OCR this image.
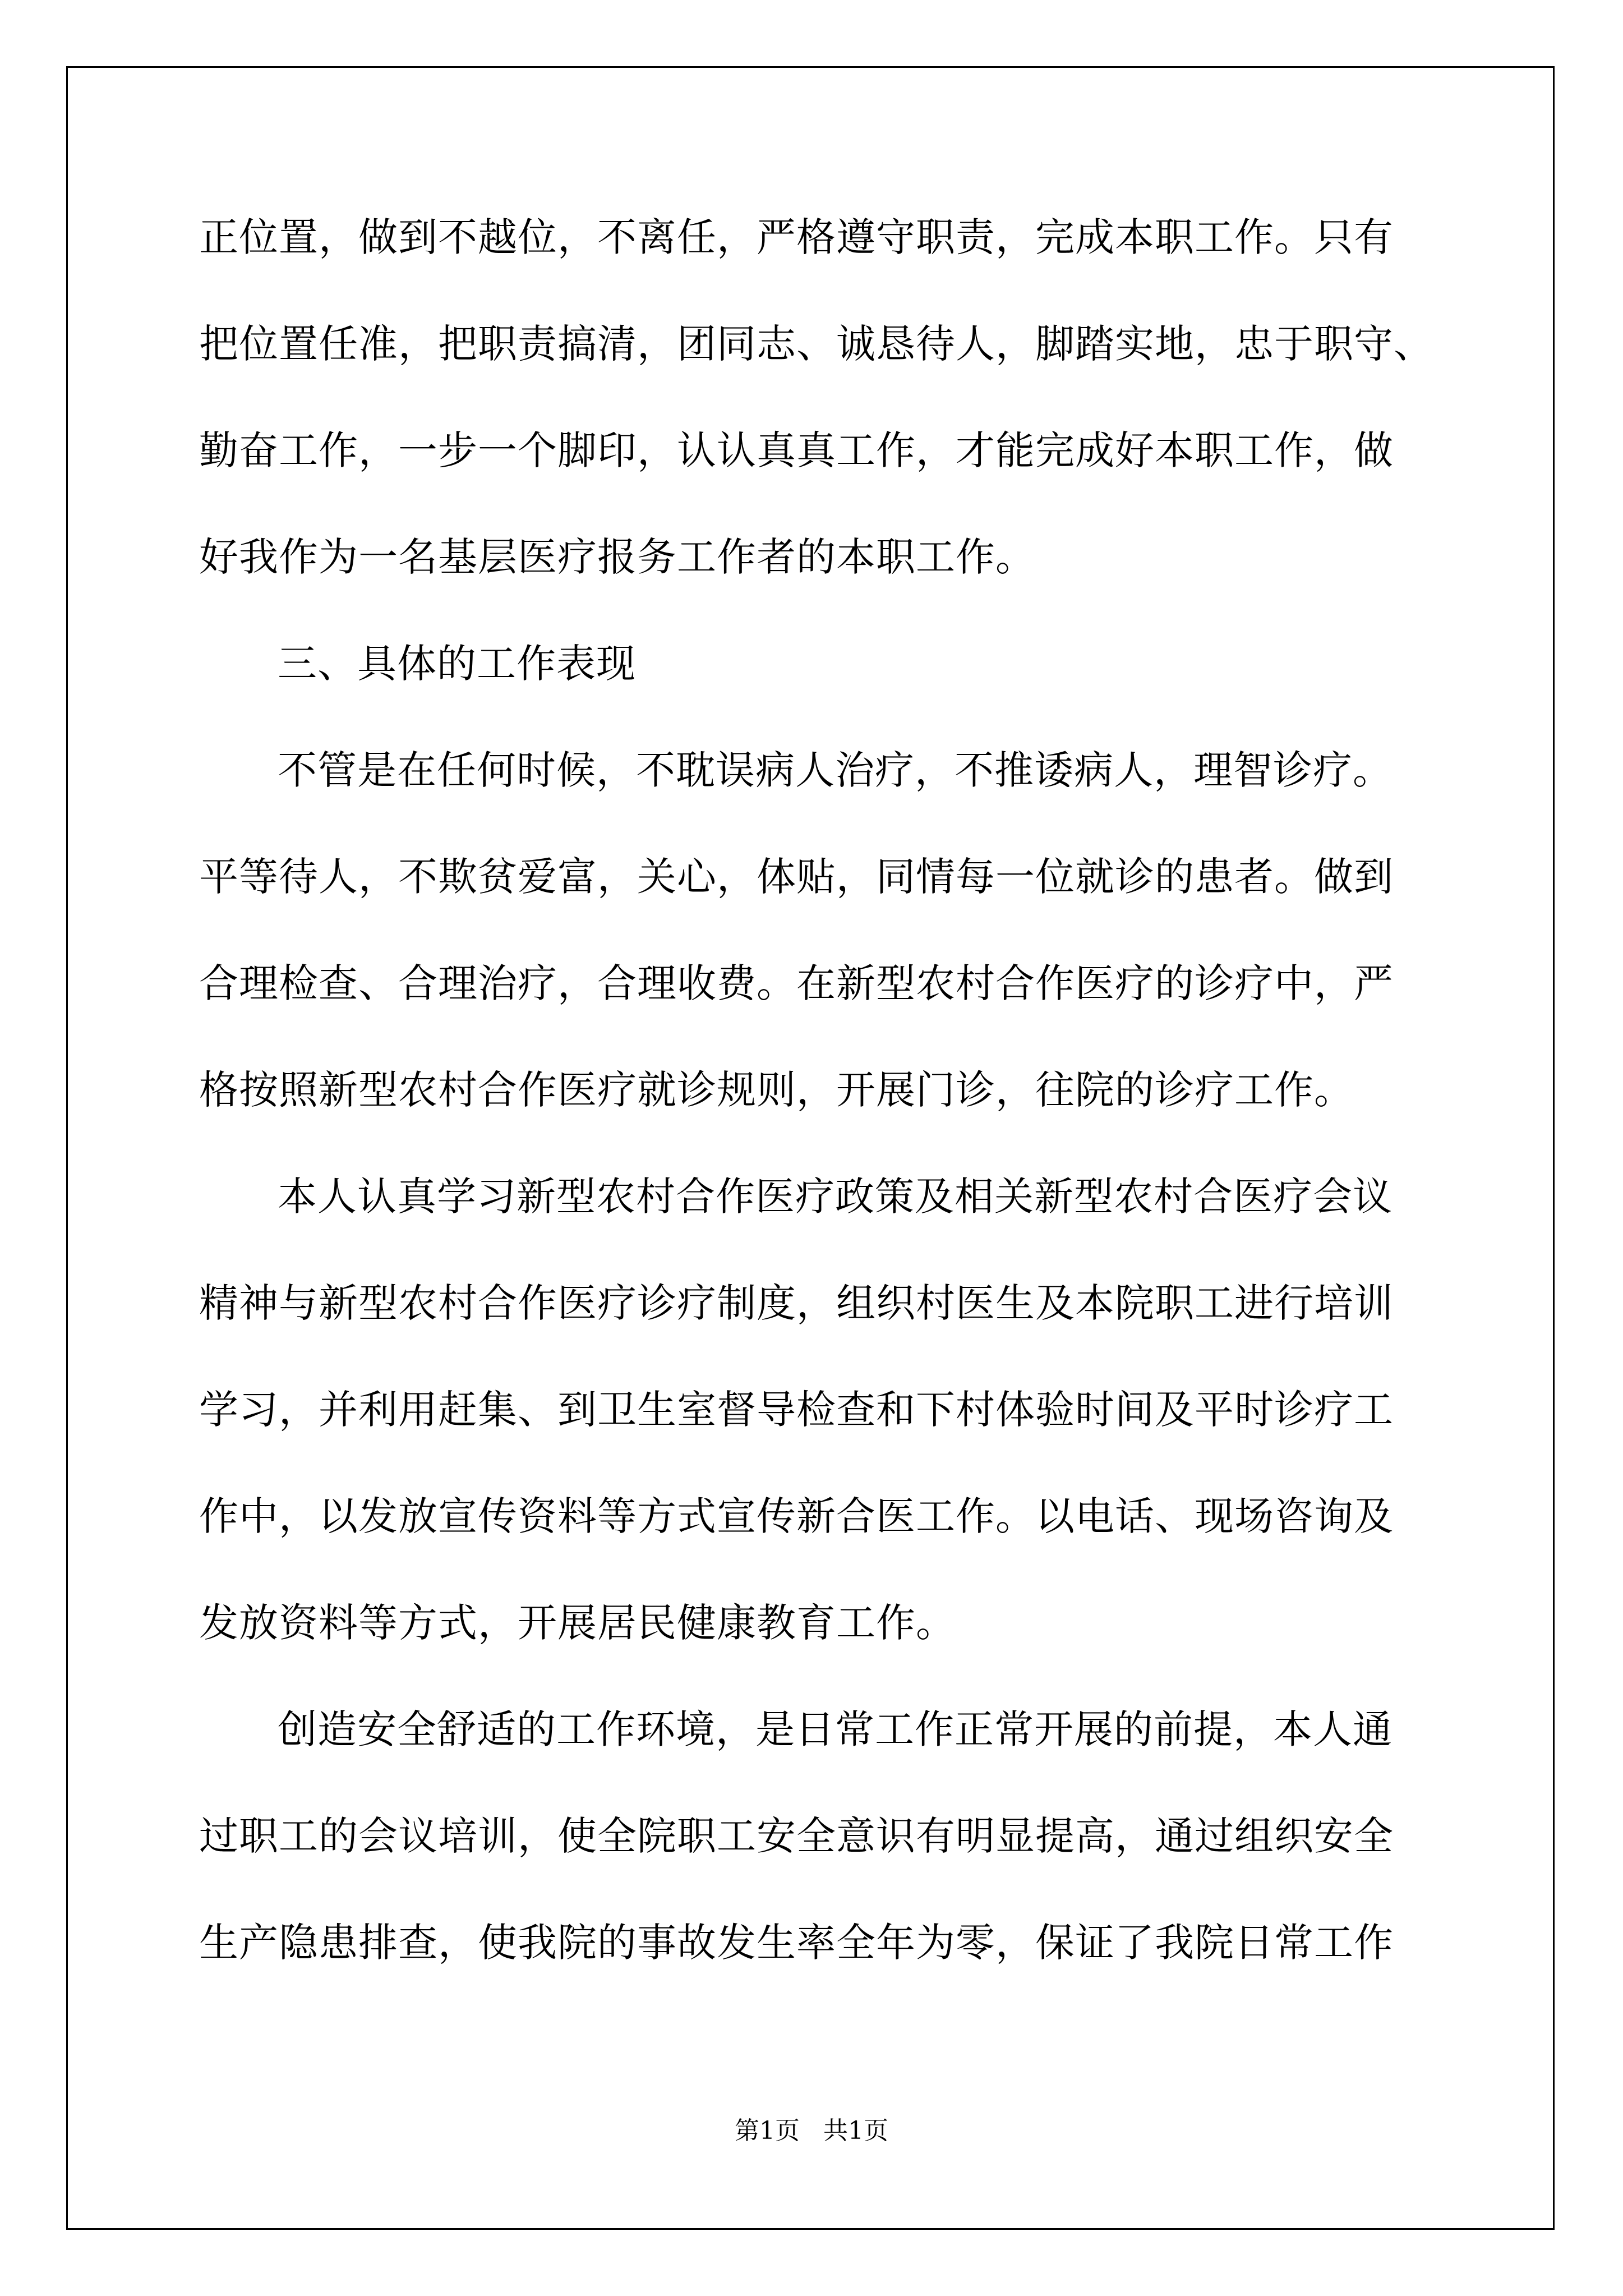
正位置，做到不越位，不离任，严格遵守职责，完成本职工作。只有
把位置任准，把职责搞清，团同志、诚恳待人，脚踏实地，忠于职守、
勤奋工作，一步一个脚印，认认真真工作，才能完成好本职工作，做
好我作为一名基层医疗报务工作者的本职工作。
三、具体的工作表现
不管是在任何时候，不耽误病人治疗，不推诿病人，理智诊疗。
平等待人，不欺贫爱富，关心，体贴，同情每一位就诊的患者。做到
合理检查、合理治疗，合理收费。在新型农村合作医疗的诊疗中，严
格按照新型农村合作医疗就诊规则，开展门诊，往院的诊疗工作。
本人认真学习新型农村合作医疗政策及相关新型农村合医疗会议
精神与新型农村合作医疗诊疗制度，组织村医生及本院职工进行培训
学习，并利用赶集、到卫生室督导检查和下村体验时间及平时诊疗工
作中，以发放宣传资料等方式宣传新合医工作。以电话、现场咨询及
发放资料等方式，开展居民健康教育工作。
创造安全舒适的工作环境，是日常工作正常开展的前提，本人通
过职工的会议培训，使全院职工安全意识有明显提高，通过组织安全
生产隐患排查，使我院的事故发生率全年为零，保证了我院日常工作
第1页   共1页
